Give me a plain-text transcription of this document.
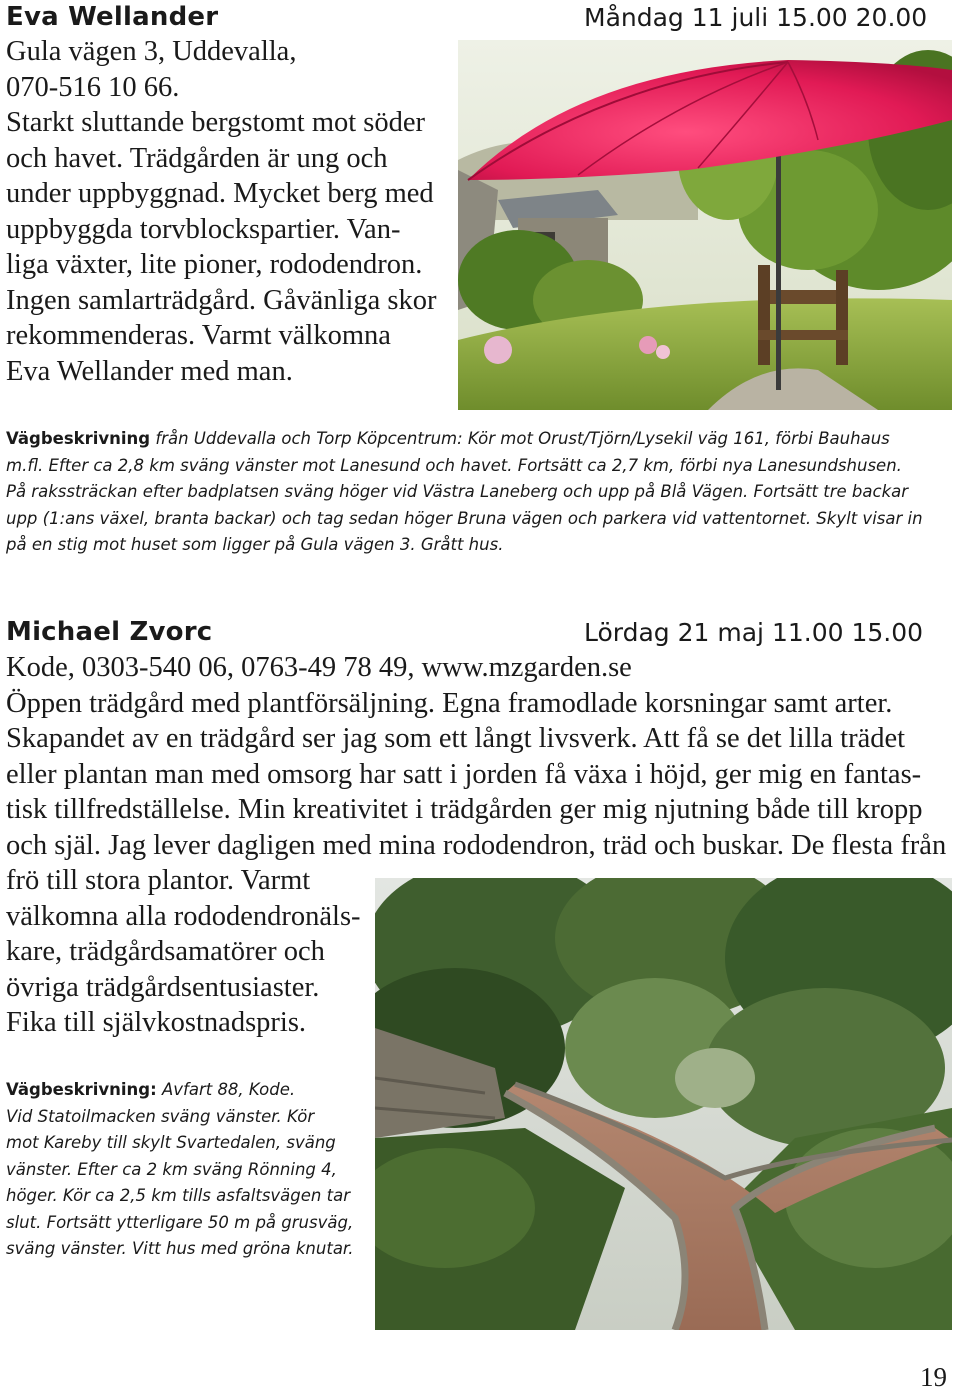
Eva Wellander	Måndag 11 juli 15.00 20.00
Gula vägen 3, Uddevalla,
070-516 10 66.
Starkt sluttande bergstomt mot söder
och havet. Trädgården är ung och
under uppbyggnad. Mycket berg med
uppbyggda torvblockspartier. Van-
liga växter, lite pioner, rododendron.
Ingen samlarträdgård. Gåvänliga skor
rekommenderas. Varmt välkomna
Eva Wellander med man.
Vägbeskrivning från Uddevalla och Torp Köpcentrum: Kör mot Orust/Tjörn/Lysekil väg 161, förbi Bauhaus
m.fl. Efter ca 2,8 km sväng vänster mot Lanesund och havet. Fortsätt ca 2,7 km, förbi nya Lanesundshusen.
På rakssträckan efter badplatsen sväng höger vid Västra Laneberg och upp på Blå Vägen. Fortsätt tre backar
upp (1:ans växel, branta backar) och tag sedan höger Bruna vägen och parkera vid vattentornet. Skylt visar in
på en stig mot huset som ligger på Gula vägen 3. Grått hus.
Michael Zvorc	Lördag 21 maj 11.00 15.00
Kode, 0303-540 06, 0763-49 78 49, www.mzgarden.se
Öppen trädgård med plantförsäljning. Egna framodlade korsningar samt arter.
Skapandet av en trädgård ser jag som ett långt livsverk. Att få se det lilla trädet
eller plantan man med omsorg har satt i jorden få växa i höjd, ger mig en fantas-
tisk tillfredställelse. Min kreativitet i trädgården ger mig njutning både till kropp
och själ. Jag lever dagligen med mina rododendron, träd och buskar. De flesta från
frö till stora plantor. Varmt
välkomna alla rododendronäls-
kare, trädgårdsamatörer och
övriga trädgårdsentusiaster.
Fika till självkostnadspris.
Vägbeskrivning: Avfart 88, Kode.
Vid Statoilmacken sväng vänster. Kör
mot Kareby till skylt Svartedalen, sväng
vänster. Efter ca 2 km sväng Rönning 4,
höger. Kör ca 2,5 km tills asfaltsvägen tar
slut. Fortsätt ytterligare 50 m på grusväg,
sväng vänster. Vitt hus med gröna knutar.
19
